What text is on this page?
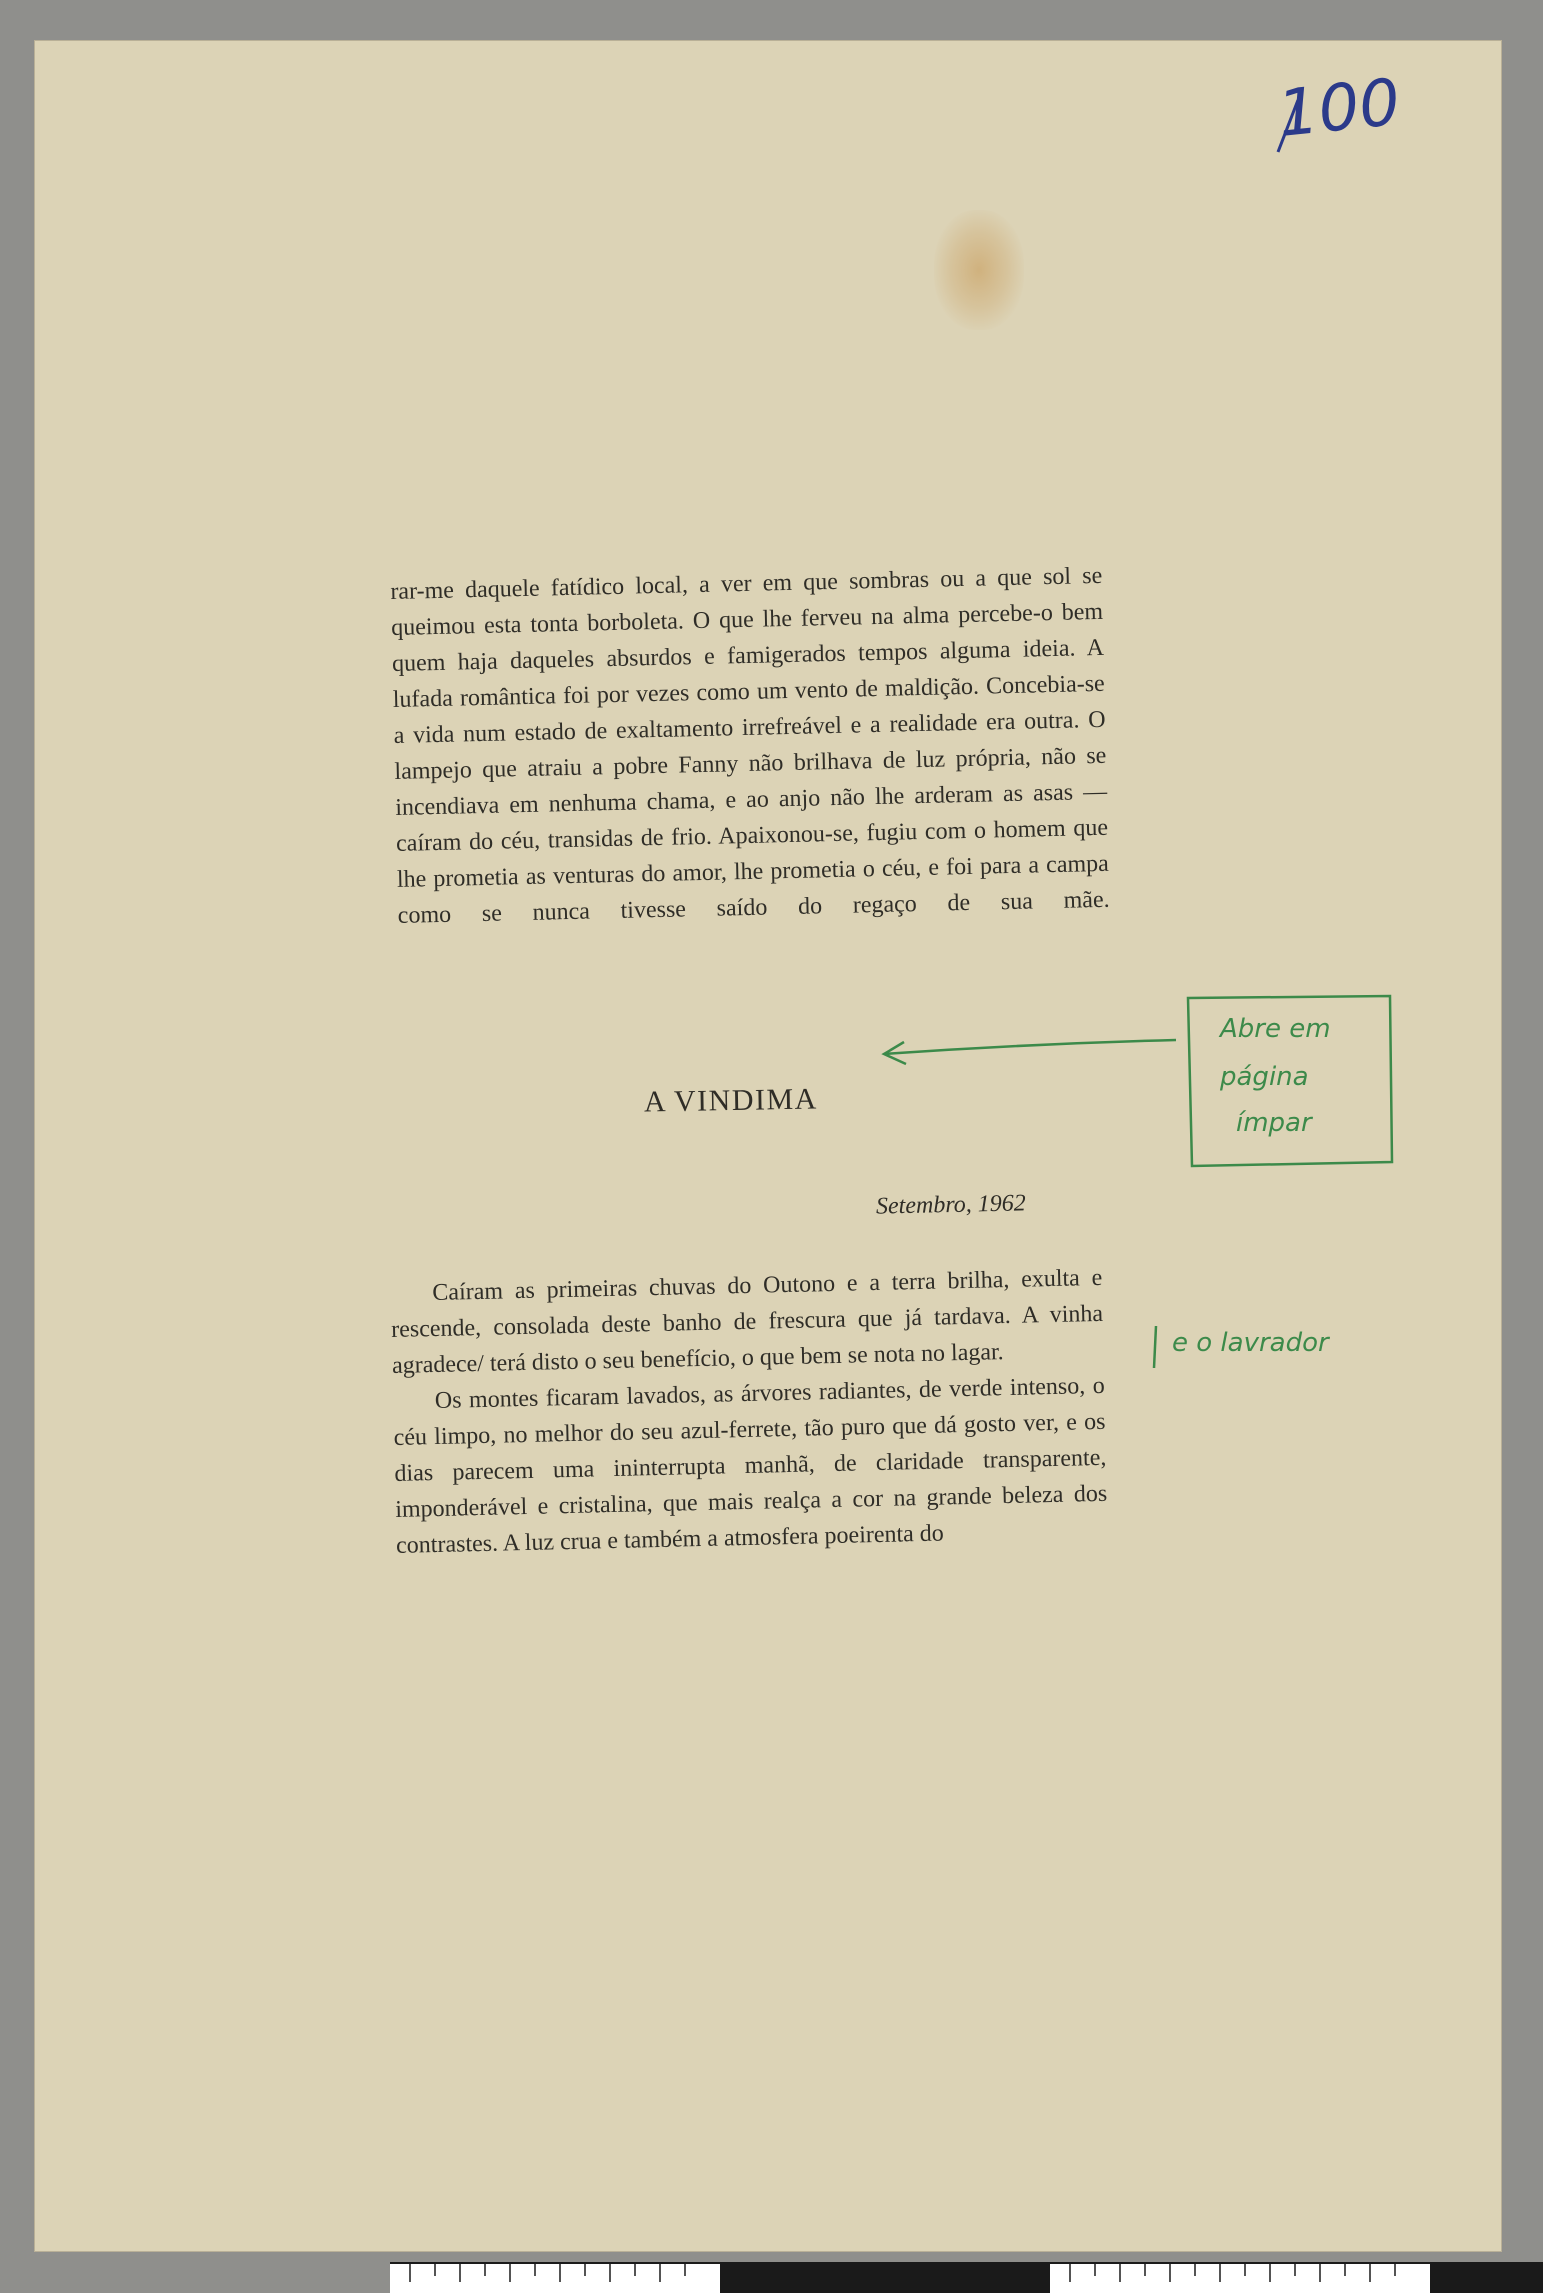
100

rar-me daquele fatídico local, a ver em que sombras ou a que sol se queimou esta tonta borboleta. O que lhe ferveu na alma percebe-o bem quem haja daqueles absurdos e famigerados tempos alguma ideia. A lufada romântica foi por vezes como um vento de maldição. Concebia-se a vida num estado de exaltamento irrefreável e a realidade era outra. O lampejo que atraiu a pobre Fanny não brilhava de luz própria, não se incendiava em nenhuma chama, e ao anjo não lhe arderam as asas — caíram do céu, transidas de frio. Apaixonou-se, fugiu com o homem que lhe prometia as venturas do amor, lhe prometia o céu, e foi para a campa como se nunca tivesse saído do regaço de sua mãe.

A VINDIMA
Setembro, 1962

Caíram as primeiras chuvas do Outono e a terra brilha, exulta e rescende, consolada deste banho de frescura que já tardava. A vinha agradece/ terá disto o seu benefício, o que bem se nota no lagar.

Os montes ficaram lavados, as árvores radiantes, de verde intenso, o céu limpo, no melhor do seu azul-ferrete, tão puro que dá gosto ver, e os dias parecem uma ininterrupta manhã, de claridade transparente, imponderável e cristalina, que mais realça a cor na grande beleza dos contrastes. A luz crua e também a atmosfera poeirenta do

Abre em
página
ímpar
e o lavrador
